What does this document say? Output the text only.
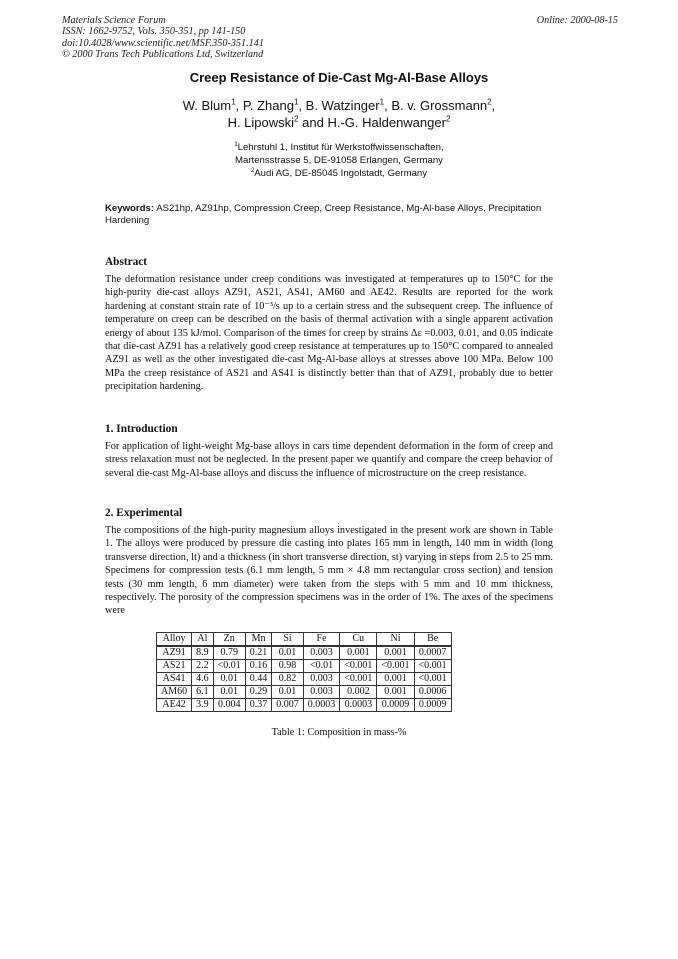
Materials Science Forum
ISSN: 1662-9752, Vols. 350-351, pp 141-150
doi:10.4028/www.scientific.net/MSF.350-351.141
© 2000 Trans Tech Publications Ltd, Switzerland
Online: 2000-08-15
Creep Resistance of Die-Cast Mg-Al-Base Alloys
W. Blum$^1$, P. Zhang$^1$, B. Watzinger$^1$, B. v. Grossmann$^2$,
H. Lipowski$^2$ and H.-G. Haldenwanger$^2$
$^1$Lehrstuhl 1, Institut für Werkstoffwissenschaften,
Martensstrasse 5, DE-91058 Erlangen, Germany
$^2$Audi AG, DE-85045 Ingolstadt, Germany
Keywords: AS21hp, AZ91hp, Compression Creep, Creep Resistance, Mg-Al-base Alloys, Precipitation Hardening
Abstract

The deformation resistance under creep conditions was investigated at temperatures up to 150°C for the high-purity die-cast alloys AZ91, AS21, AS41, AM60 and AE42. Results are reported for the work hardening at constant strain rate of 10⁻³/s up to a certain stress and the subsequent creep. The influence of temperature on creep can be described on the basis of thermal activation with a single apparent activation energy of about 135 kJ/mol. Comparison of the times for creep by strains Δε =0.003, 0.01, and 0.05 indicate that die-cast AZ91 has a relatively good creep resistance at temperatures up to 150°C compared to annealed AZ91 as well as the other investigated die-cast Mg-Al-base alloys at stresses above 100 MPa. Below 100 MPa the creep resistance of AS21 and AS41 is distinctly better than that of AZ91, probably due to better precipitation hardening.

1. Introduction

For application of light-weight Mg-base alloys in cars time dependent deformation in the form of creep and stress relaxation must not be neglected. In the present paper we quantify and compare the creep behavior of several die-cast Mg-Al-base alloys and discuss the influence of microstructure on the creep resistance.

2. Experimental

The compositions of the high-purity magnesium alloys investigated in the present work are shown in Table 1. The alloys were produced by pressure die casting into plates 165 mm in length, 140 mm in width (long transverse direction, lt) and a thickness (in short transverse direction, st) varying in steps from 2.5 to 25 mm. Specimens for compression tests (6.1 mm length, 5 mm × 4.8 mm rectangular cross section) and tension tests (30 mm length, 6 mm diameter) were taken from the steps with 5 mm and 10 mm thickness, respectively. The porosity of the compression specimens was in the order of 1%. The axes of the specimens were

Alloy	Al	Zn	Mn	Si	Fe	Cu	Ni	Be
AZ91	8.9	0.79	0.21	0.01	0.003	0.001	0.001	0.0007
AS21	2.2	<0.01	0.16	0.98	<0.01	<0.001	<0.001	<0.001
AS41	4.6	0.01	0.44	0.82	0.003	<0.001	0.001	<0.001
AM60	6.1	0.01	0.29	0.01	0.003	0.002	0.001	0.0006
AE42	3.9	0.004	0.37	0.007	0.0003	0.0003	0.0009	0.0009
Table 1: Composition in mass-%
